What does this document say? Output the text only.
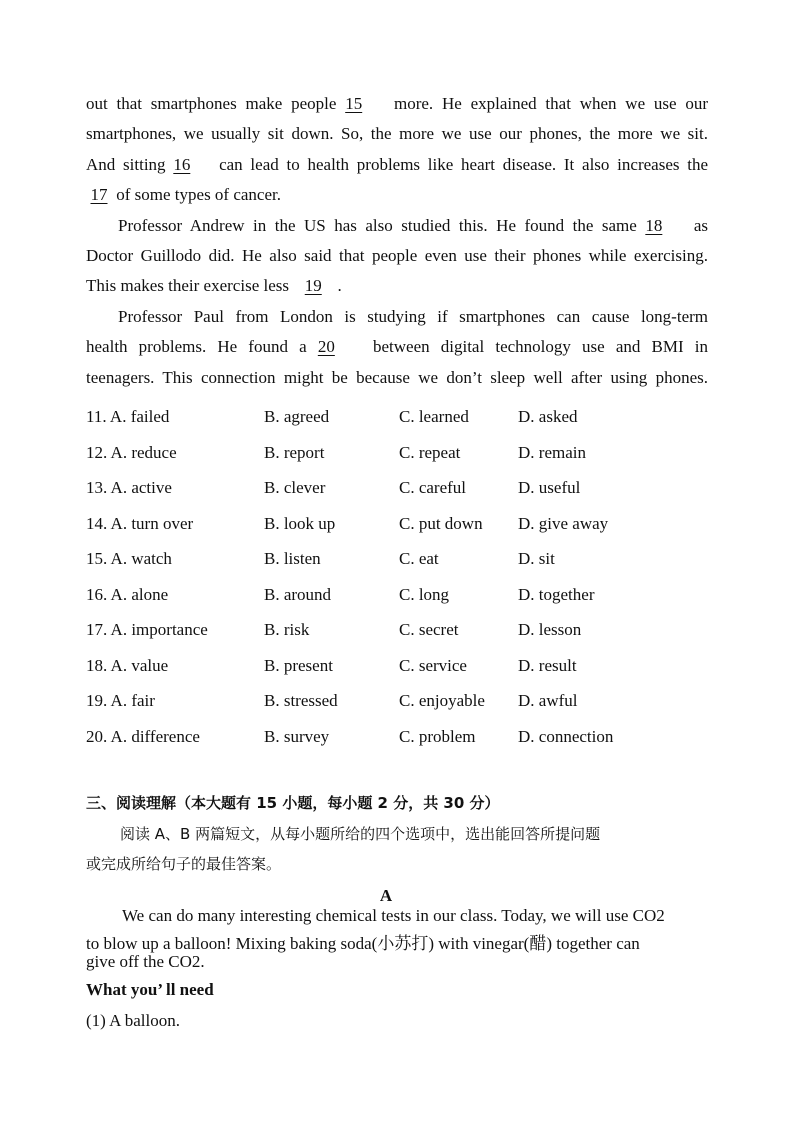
out that smartphones make people 15 more. He explained that when we use our
smartphones, we usually sit down. So, the more we use our phones, the more we sit.
And sitting 16 can lead to health problems like heart disease. It also increases the
17 of some types of cancer.
Professor Andrew in the US has also studied this. He found the same 18 as
Doctor Guillodo did. He also said that people even use their phones while exercising.
This makes their exercise less 19 .
Professor Paul from London is studying if smartphones can cause long-term
health problems. He found a 20 between digital technology use and BMI in
teenagers. This connection might be because we don’t sleep well after using phones.
11. A. failed	B. agreed	C. learned	D. asked
12. A. reduce	B. report	C. repeat	D. remain
13. A. active	B. clever	C. careful	D. useful
14. A. turn over	B. look up	C. put down D. give away
15. A. watch	B. listen	C. eat	D. sit
16. A. alone	B. around	C. long	D. together
17. A. importance	B. risk	C. secret	D. lesson
18. A. value	B. present	C. service	D. result
19. A. fair	B. stressed	C. enjoyable D. awful
20. A. difference	B. survey	C. problem	D. connection
三、阅读理解（本大题有 15 小题，每小题 2 分，共 30 分）
阅读 A、B 两篇短文，从每小题所给的四个选项中，选出能回答所提问题
或完成所给句子的最佳答案。
A
We can do many interesting chemical tests in our class. Today, we will use CO2
to blow up a balloon! Mixing baking soda(小苏打) with vinegar(醋) together can
give off the CO2.
What you’ ll need
(1) A balloon.
